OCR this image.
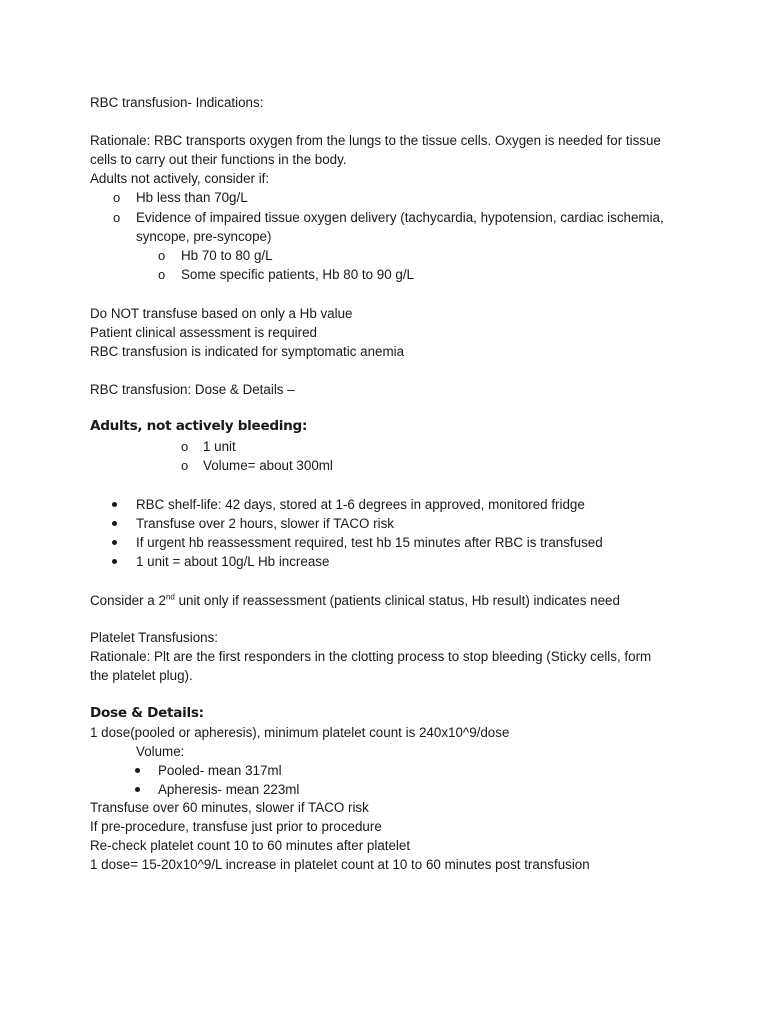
RBC transfusion- Indications:
Rationale: RBC transports oxygen from the lungs to the tissue cells. Oxygen is needed for tissue
cells to carry out their functions in the body.
Adults not actively, consider if:
o Hb less than 70g/L
o Evidence of impaired tissue oxygen delivery (tachycardia, hypotension, cardiac ischemia,
syncope, pre-syncope)
o Hb 70 to 80 g/L
o Some specific patients, Hb 80 to 90 g/L
Do NOT transfuse based on only a Hb value
Patient clinical assessment is required
RBC transfusion is indicated for symptomatic anemia
RBC transfusion: Dose & Details –
Adults, not actively bleeding:
o 1 unit
o Volume= about 300ml
RBC shelf-life: 42 days, stored at 1-6 degrees in approved, monitored fridge
Transfuse over 2 hours, slower if TACO risk
If urgent hb reassessment required, test hb 15 minutes after RBC is transfused
1 unit = about 10g/L Hb increase
Consider a 2nd unit only if reassessment (patients clinical status, Hb result) indicates need
Platelet Transfusions:
Rationale: Plt are the first responders in the clotting process to stop bleeding (Sticky cells, form
the platelet plug).
Dose & Details:
1 dose(pooled or apheresis), minimum platelet count is 240x10^9/dose
Volume:
Pooled- mean 317ml
Apheresis- mean 223ml
Transfuse over 60 minutes, slower if TACO risk
If pre-procedure, transfuse just prior to procedure
Re-check platelet count 10 to 60 minutes after platelet
1 dose= 15-20x10^9/L increase in platelet count at 10 to 60 minutes post transfusion
